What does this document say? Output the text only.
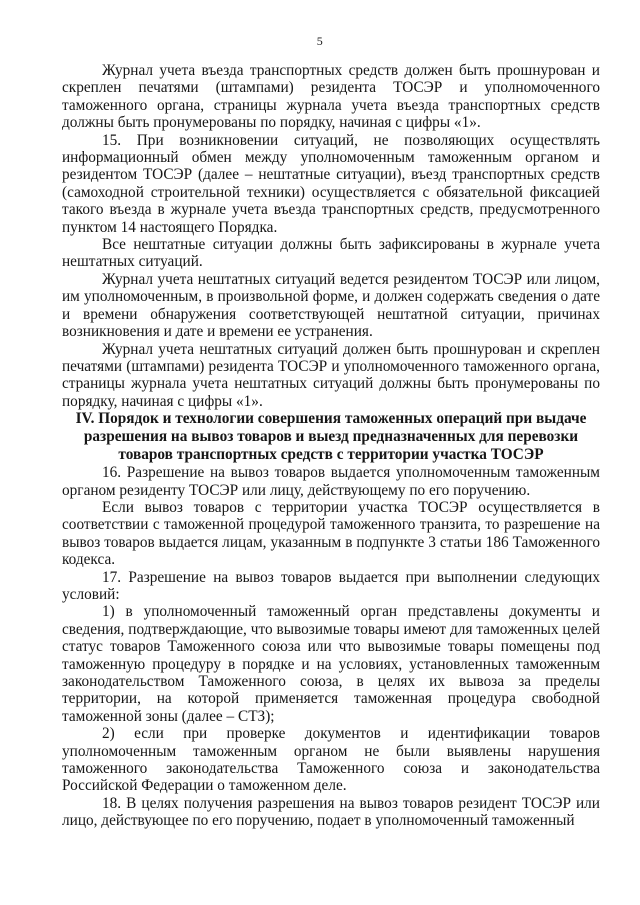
5

Журнал учета въезда транспортных средств должен быть прошнурован и скреплен печатями (штампами) резидента ТОСЭР и уполномоченного таможенного органа, страницы журнала учета въезда транспортных средств должны быть пронумерованы по порядку, начиная с цифры «1».

15. При возникновении ситуаций, не позволяющих осуществлять информационный обмен между уполномоченным таможенным органом и резидентом ТОСЭР (далее – нештатные ситуации), въезд транспортных средств (самоходной строительной техники) осуществляется с обязательной фиксацией такого въезда в журнале учета въезда транспортных средств, предусмотренного пунктом 14 настоящего Порядка.

Все нештатные ситуации должны быть зафиксированы в журнале учета нештатных ситуаций.

Журнал учета нештатных ситуаций ведется резидентом ТОСЭР или лицом, им уполномоченным, в произвольной форме, и должен содержать сведения о дате и времени обнаружения соответствующей нештатной ситуации, причинах возникновения и дате и времени ее устранения.

Журнал учета нештатных ситуаций должен быть прошнурован и скреплен печатями (штампами) резидента ТОСЭР и уполномоченного таможенного органа, страницы журнала учета нештатных ситуаций должны быть пронумерованы по порядку, начиная с цифры «1».

IV. Порядок и технологии совершения таможенных операций при выдаче
разрешения на вывоз товаров и выезд предназначенных для перевозки
товаров транспортных средств с территории участка ТОСЭР

16. Разрешение на вывоз товаров выдается уполномоченным таможенным органом резиденту ТОСЭР или лицу, действующему по его поручению.

Если вывоз товаров с территории участка ТОСЭР осуществляется в соответствии с таможенной процедурой таможенного транзита, то разрешение на вывоз товаров выдается лицам, указанным в подпункте 3 статьи 186 Таможенного кодекса.

17. Разрешение на вывоз товаров выдается при выполнении следующих условий:

1) в уполномоченный таможенный орган представлены документы и сведения, подтверждающие, что вывозимые товары имеют для таможенных целей статус товаров Таможенного союза или что вывозимые товары помещены под таможенную процедуру в порядке и на условиях, установленных таможенным законодательством Таможенного союза, в целях их вывоза за пределы территории, на которой применяется таможенная процедура свободной таможенной зоны (далее – СТЗ);

2) если при проверке документов и идентификации товаров уполномоченным таможенным органом не были выявлены нарушения таможенного законодательства Таможенного союза и законодательства Российской Федерации о таможенном деле.

18. В целях получения разрешения на вывоз товаров резидент ТОСЭР или лицо, действующее по его поручению, подает в уполномоченный таможенный
